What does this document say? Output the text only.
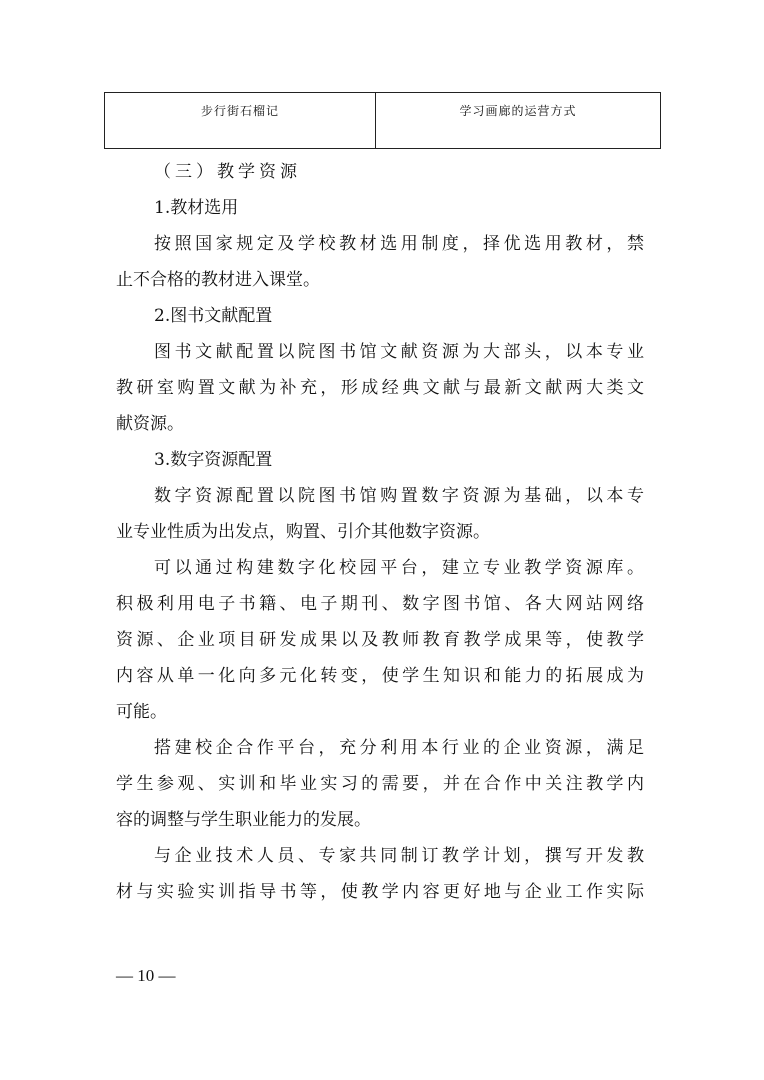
步行街石榴记	学习画廊的运营方式
（三）教学资源
1.教材选用
按照国家规定及学校教材选用制度，择优选用教材，禁
止不合格的教材进入课堂。
2.图书文献配置
图书文献配置以院图书馆文献资源为大部头，以本专业
教研室购置文献为补充，形成经典文献与最新文献两大类文
献资源。
3.数字资源配置
数字资源配置以院图书馆购置数字资源为基础，以本专
业专业性质为出发点，购置、引介其他数字资源。
可以通过构建数字化校园平台，建立专业教学资源库。
积极利用电子书籍、电子期刊、数字图书馆、各大网站网络
资源、企业项目研发成果以及教师教育教学成果等，使教学
内容从单一化向多元化转变，使学生知识和能力的拓展成为
可能。
搭建校企合作平台，充分利用本行业的企业资源，满足
学生参观、实训和毕业实习的需要，并在合作中关注教学内
容的调整与学生职业能力的发展。
与企业技术人员、专家共同制订教学计划，撰写开发教
材与实验实训指导书等，使教学内容更好地与企业工作实际
— 10 —
